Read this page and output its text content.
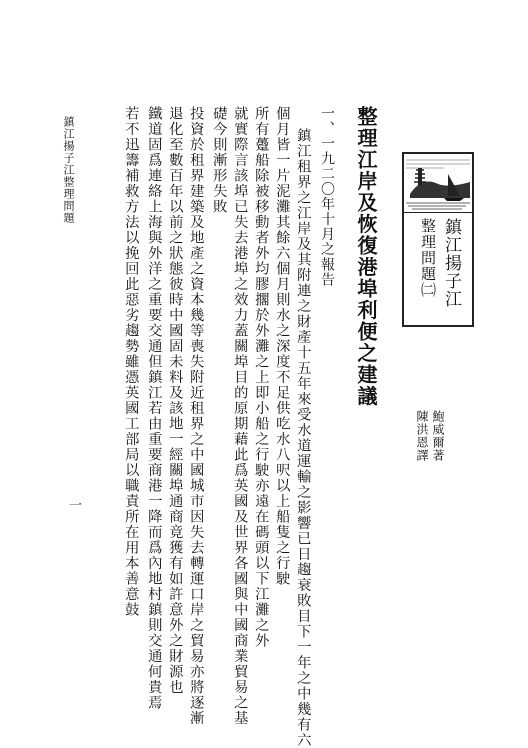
鎮江揚子江
整理問題㈡
鮑威爾著
陳洪恩譯
整理江岸及恢復港埠利便之建議
一、一九二〇年十月之報告
鎮江租界之江岸及其附連之財產十五年來受水道運輸之影響已日趨衰敗目下一年之中幾有六
個月皆一片泥灘其餘六個月則水之深度不足供吃水八呎以上船隻之行駛
所有躉船除被移動者外均膠擱於外灘之上即小船之行駛亦遠在碼頭以下江灘之外
就實際言該埠已失去港埠之效力蓋關埠目的原期藉此爲英國及世界各國與中國商業貿易之基
礎今則漸形失敗
投資於租界建築及地產之資本幾等喪失附近租界之中國城市因失去轉運口岸之貿易亦將逐漸
退化至數百年以前之狀態彼時中國固未料及該地一經關埠通商竟獲有如許意外之財源也
鐵道固爲連絡上海與外洋之重要交通但鎮江若由重要商港一降而爲內地村鎮則交通何貴焉
若不迅籌補救方法以挽回此惡劣趨勢雖憑英國工部局以職責所在用本善意鼓
鎮江揚子江整理問題
一
